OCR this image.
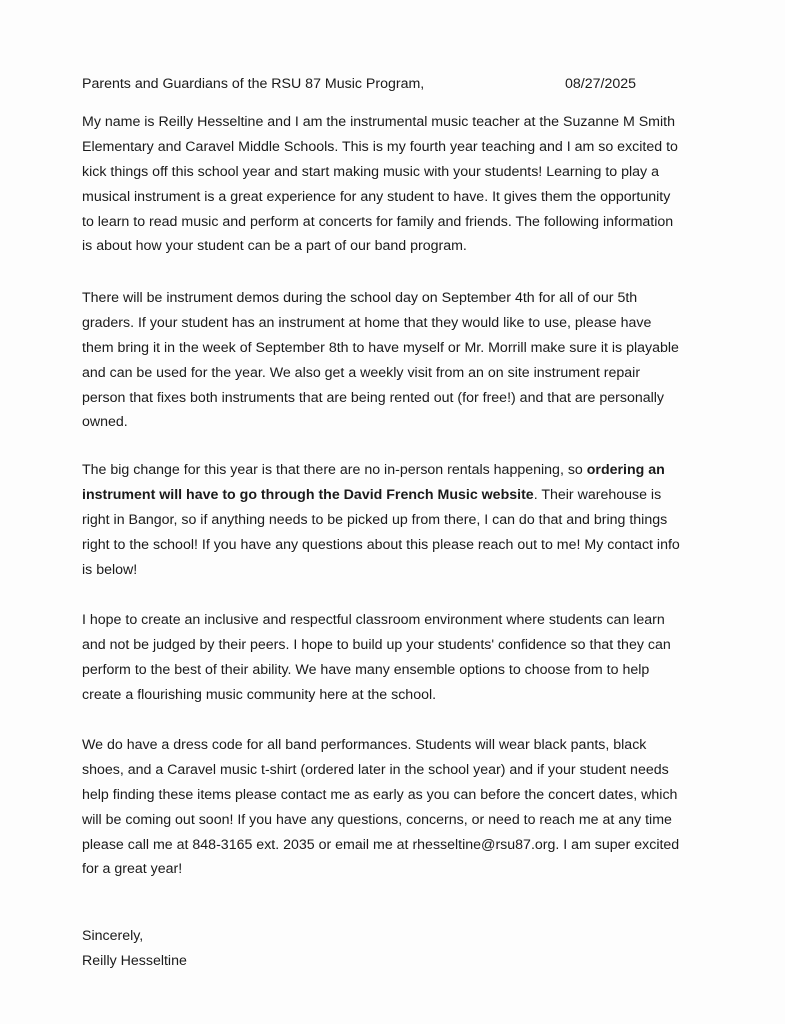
Parents and Guardians of the RSU 87 Music Program,	08/27/2025
My name is Reilly Hesseltine and I am the instrumental music teacher at the Suzanne M Smith
Elementary and Caravel Middle Schools. This is my fourth year teaching and I am so excited to
kick things off this school year and start making music with your students! Learning to play a
musical instrument is a great experience for any student to have. It gives them the opportunity
to learn to read music and perform at concerts for family and friends. The following information
is about how your student can be a part of our band program.
There will be instrument demos during the school day on September 4th for all of our 5th
graders. If your student has an instrument at home that they would like to use, please have
them bring it in the week of September 8th to have myself or Mr. Morrill make sure it is playable
and can be used for the year. We also get a weekly visit from an on site instrument repair
person that fixes both instruments that are being rented out (for free!) and that are personally
owned.
The big change for this year is that there are no in-person rentals happening, so ordering an
instrument will have to go through the David French Music website. Their warehouse is
right in Bangor, so if anything needs to be picked up from there, I can do that and bring things
right to the school! If you have any questions about this please reach out to me! My contact info
is below!
I hope to create an inclusive and respectful classroom environment where students can learn
and not be judged by their peers. I hope to build up your students' confidence so that they can
perform to the best of their ability. We have many ensemble options to choose from to help
create a flourishing music community here at the school.
We do have a dress code for all band performances. Students will wear black pants, black
shoes, and a Caravel music t-shirt (ordered later in the school year) and if your student needs
help finding these items please contact me as early as you can before the concert dates, which
will be coming out soon! If you have any questions, concerns, or need to reach me at any time
please call me at 848-3165 ext. 2035 or email me at rhesseltine@rsu87.org. I am super excited
for a great year!
Sincerely,
Reilly Hesseltine
